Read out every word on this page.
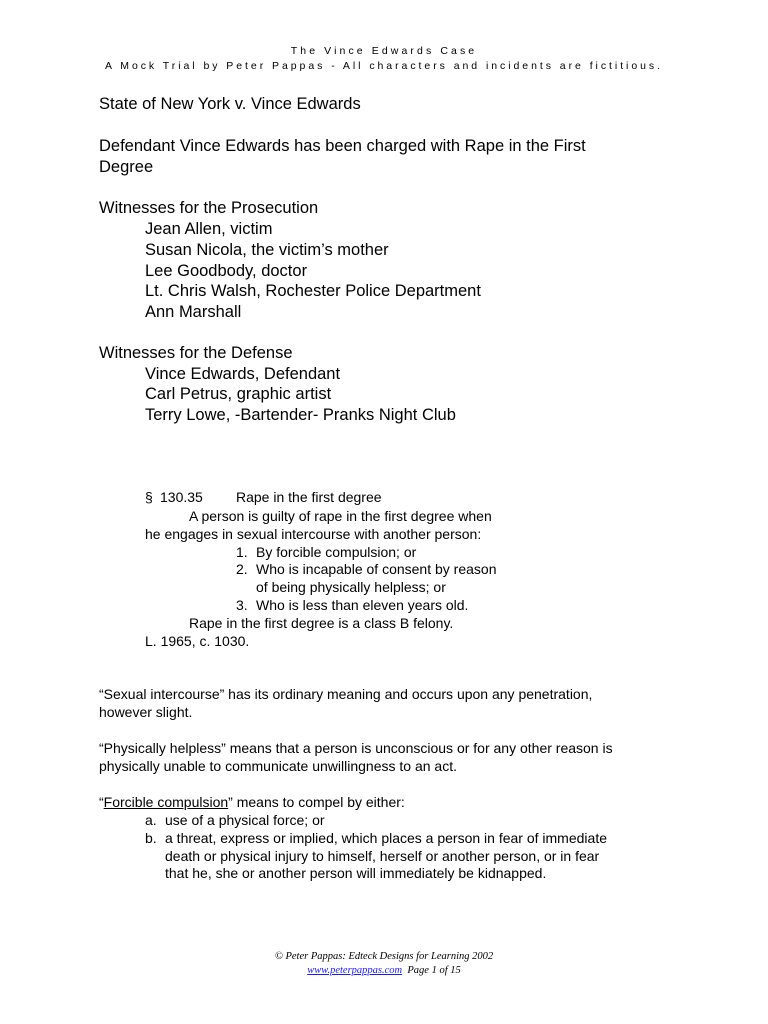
The Vince Edwards Case
A Mock Trial by Peter Pappas - All characters and incidents are fictitious.
State of New York v. Vince Edwards
Defendant Vince Edwards has been charged with Rape in the First
Degree
Witnesses for the Prosecution
Jean Allen, victim
Susan Nicola, the victim’s mother
Lee Goodbody, doctor
Lt. Chris Walsh, Rochester Police Department
Ann Marshall
Witnesses for the Defense
Vince Edwards, Defendant
Carl Petrus, graphic artist
Terry Lowe, -Bartender- Pranks Night Club
§ 130.35 Rape in the first degree
A person is guilty of rape in the first degree when
he engages in sexual intercourse with another person:
1. By forcible compulsion; or
2. Who is incapable of consent by reason
of being physically helpless; or
3. Who is less than eleven years old.
Rape in the first degree is a class B felony.
L. 1965, c. 1030.
“Sexual intercourse” has its ordinary meaning and occurs upon any penetration,
however slight.
“Physically helpless” means that a person is unconscious or for any other reason is
physically unable to communicate unwillingness to an act.
“Forcible compulsion” means to compel by either:
a. use of a physical force; or
b. a threat, express or implied, which places a person in fear of immediate
death or physical injury to himself, herself or another person, or in fear
that he, she or another person will immediately be kidnapped.
© Peter Pappas: Edteck Designs for Learning 2002
www.peterpappas.com Page 1 of 15
